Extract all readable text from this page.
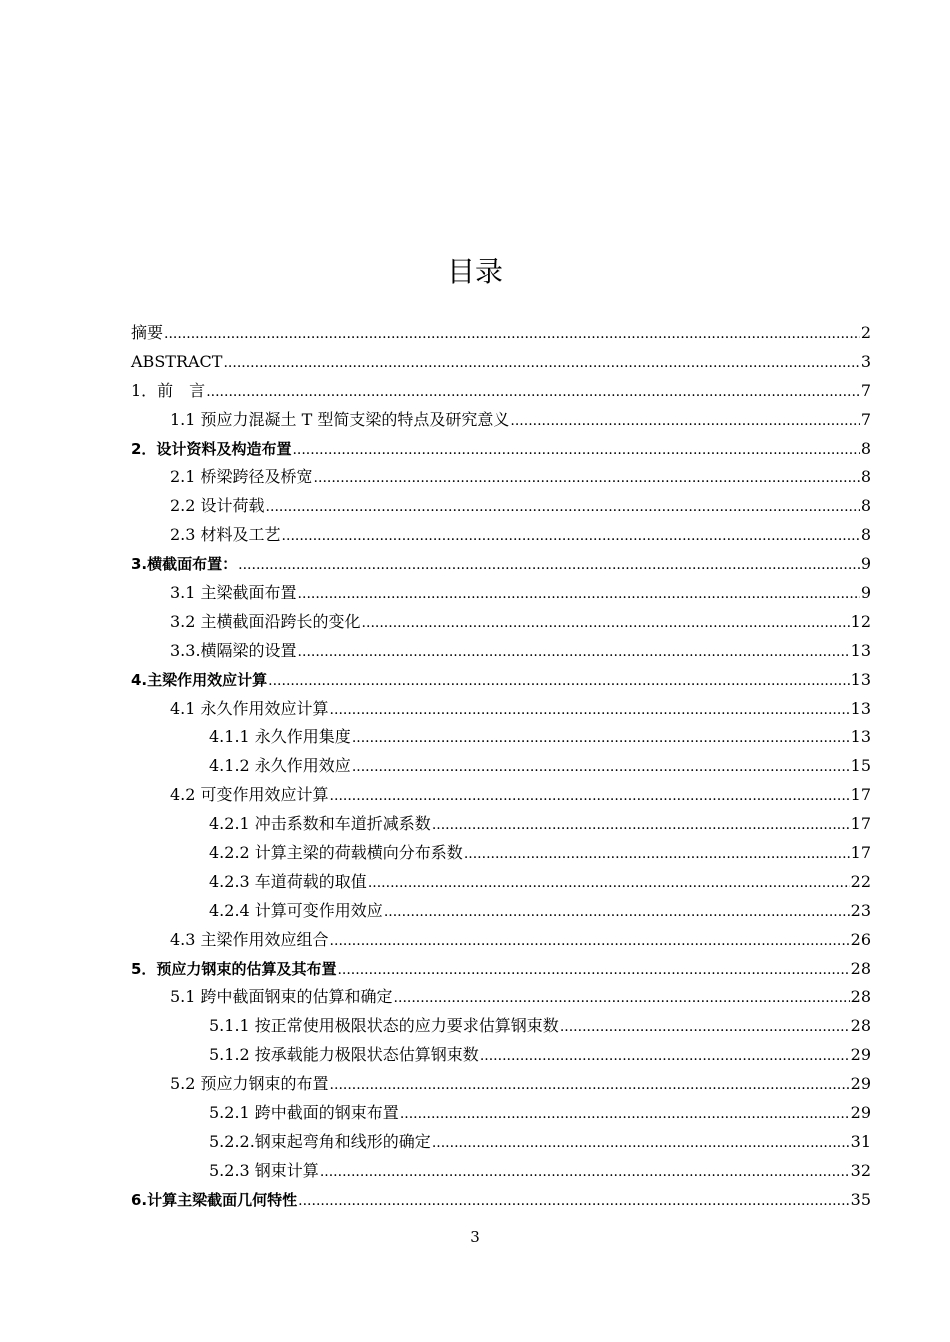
目录
摘要 .....	2
ABSTRACT .....	3
1．前　言 .....	7
1.1 预应力混凝土 T 型简支梁的特点及研究意义 .....	7
2．设计资料及构造布置 .....	8
2.1 桥梁跨径及桥宽 .....	8
2.2 设计荷载 .....	8
2.3 材料及工艺 .....	8
3.横截面布置： .....	9
3.1 主梁截面布置 .....	9
3.2 主横截面沿跨长的变化 .....	12
3.3.横隔梁的设置 .....	13
4.主梁作用效应计算 .....	13
4.1 永久作用效应计算 .....	13
4.1.1 永久作用集度 .....	13
4.1.2 永久作用效应 .....	15
4.2 可变作用效应计算 .....	17
4.2.1 冲击系数和车道折减系数 .....	17
4.2.2 计算主梁的荷载横向分布系数 .....	17
4.2.3 车道荷载的取值 .....	22
4.2.4 计算可变作用效应 .....	23
4.3 主梁作用效应组合 .....	26
5．预应力钢束的估算及其布置 .....	28
5.1 跨中截面钢束的估算和确定 .....	28
5.1.1 按正常使用极限状态的应力要求估算钢束数 .....	28
5.1.2 按承载能力极限状态估算钢束数 .....	29
5.2 预应力钢束的布置 .....	29
5.2.1 跨中截面的钢束布置 .....	29
5.2.2.钢束起弯角和线形的确定 .....	31
5.2.3 钢束计算 .....	32
6.计算主梁截面几何特性 .....	35
3
